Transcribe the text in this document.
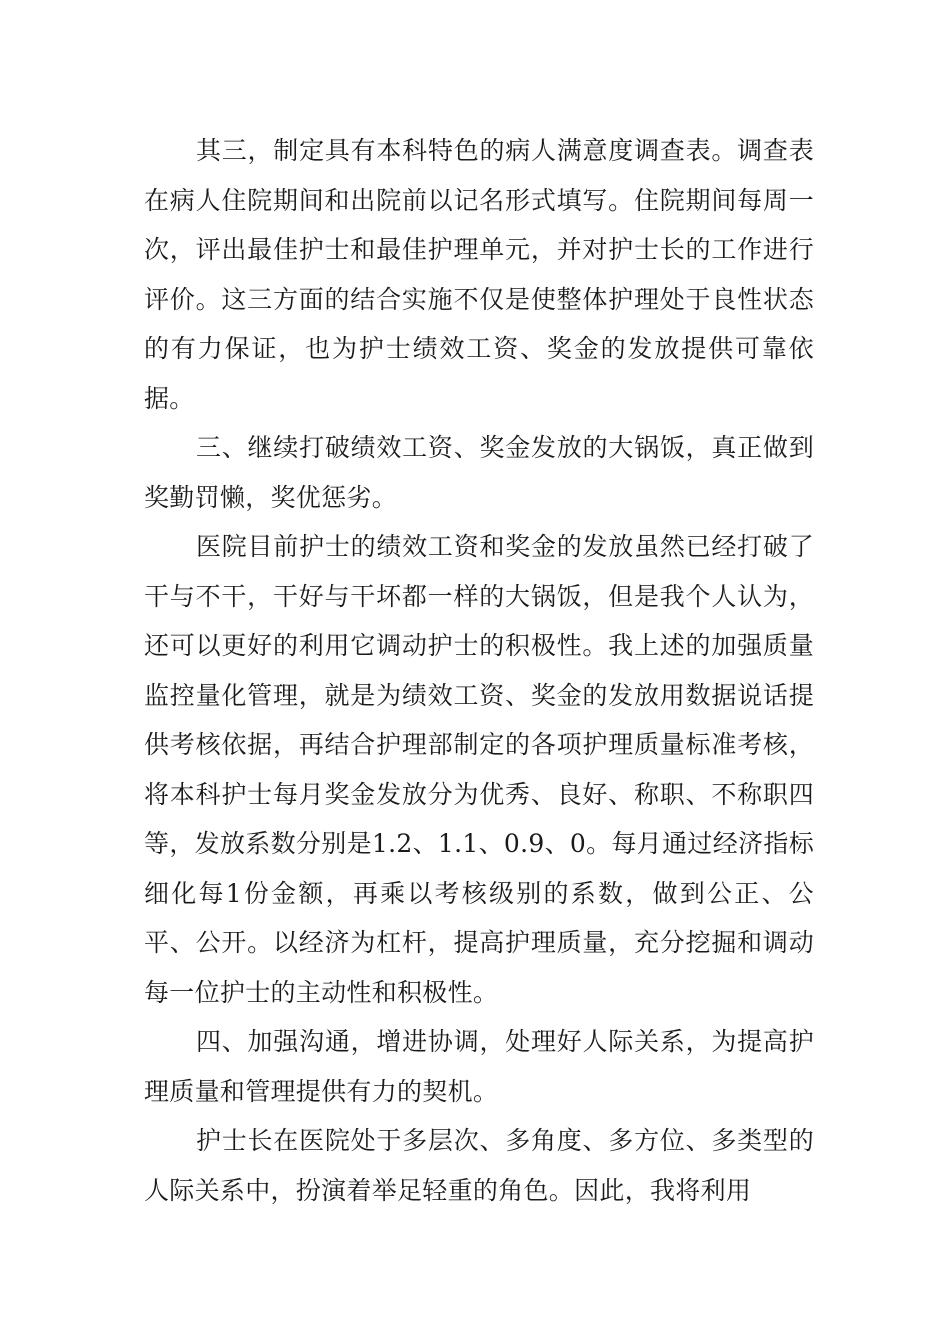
其三，制定具有本科特色的病人满意度调查表。调查表在病人住院期间和出院前以记名形式填写。住院期间每周一次，评出最佳护士和最佳护理单元，并对护士长的工作进行评价。这三方面的结合实施不仅是使整体护理处于良性状态的有力保证，也为护士绩效工资、奖金的发放提供可靠依据。

三、继续打破绩效工资、奖金发放的大锅饭，真正做到奖勤罚懒，奖优惩劣。

医院目前护士的绩效工资和奖金的发放虽然已经打破了干与不干，干好与干坏都一样的大锅饭，但是我个人认为，还可以更好的利用它调动护士的积极性。我上述的加强质量监控量化管理，就是为绩效工资、奖金的发放用数据说话提供考核依据，再结合护理部制定的各项护理质量标准考核，将本科护士每月奖金发放分为优秀、良好、称职、不称职四等，发放系数分别是1.2、1.1、0.9、0。每月通过经济指标细化每1份金额，再乘以考核级别的系数，做到公正、公平、公开。以经济为杠杆，提高护理质量，充分挖掘和调动每一位护士的主动性和积极性。

四、加强沟通，增进协调，处理好人际关系，为提高护理质量和管理提供有力的契机。

护士长在医院处于多层次、多角度、多方位、多类型的人际关系中，扮演着举足轻重的角色。因此，我将利用
